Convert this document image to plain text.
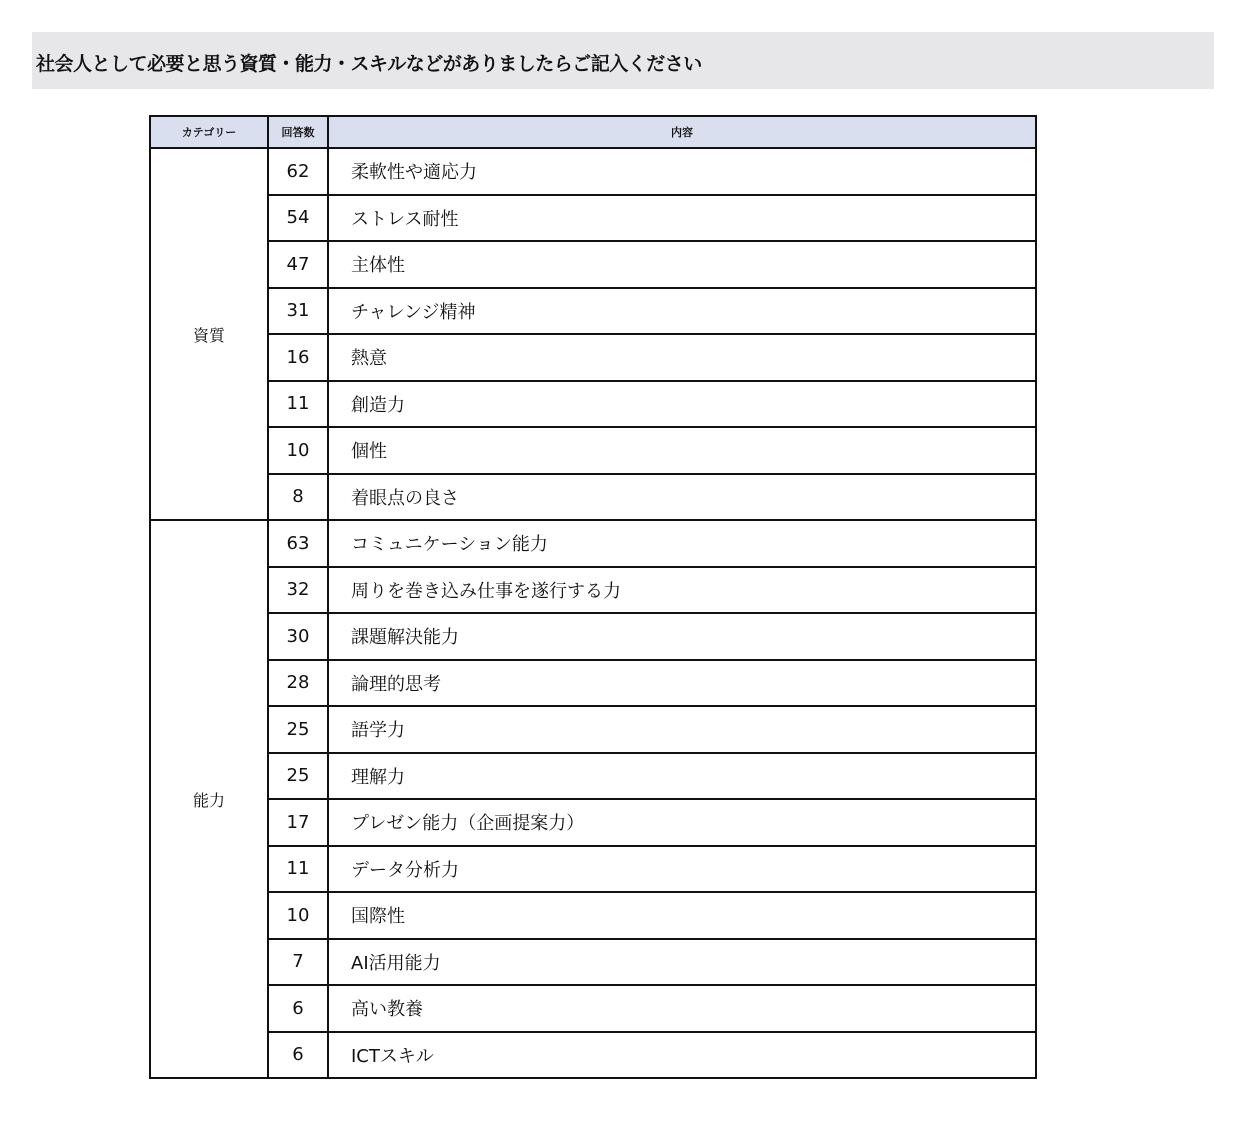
社会人として必要と思う資質・能力・スキルなどがありましたらご記入ください
カテゴリー	回答数	内容
資質	62	柔軟性や適応力
	54	ストレス耐性
	47	主体性
	31	チャレンジ精神
	16	熱意
	11	創造力
	10	個性
	8	着眼点の良さ
能力	63	コミュニケーション能力
	32	周りを巻き込み仕事を遂行する力
	30	課題解決能力
	28	論理的思考
	25	語学力
	25	理解力
	17	プレゼン能力（企画提案力）
	11	データ分析力
	10	国際性
	7	AI活用能力
	6	高い教養
	6	ICTスキル
